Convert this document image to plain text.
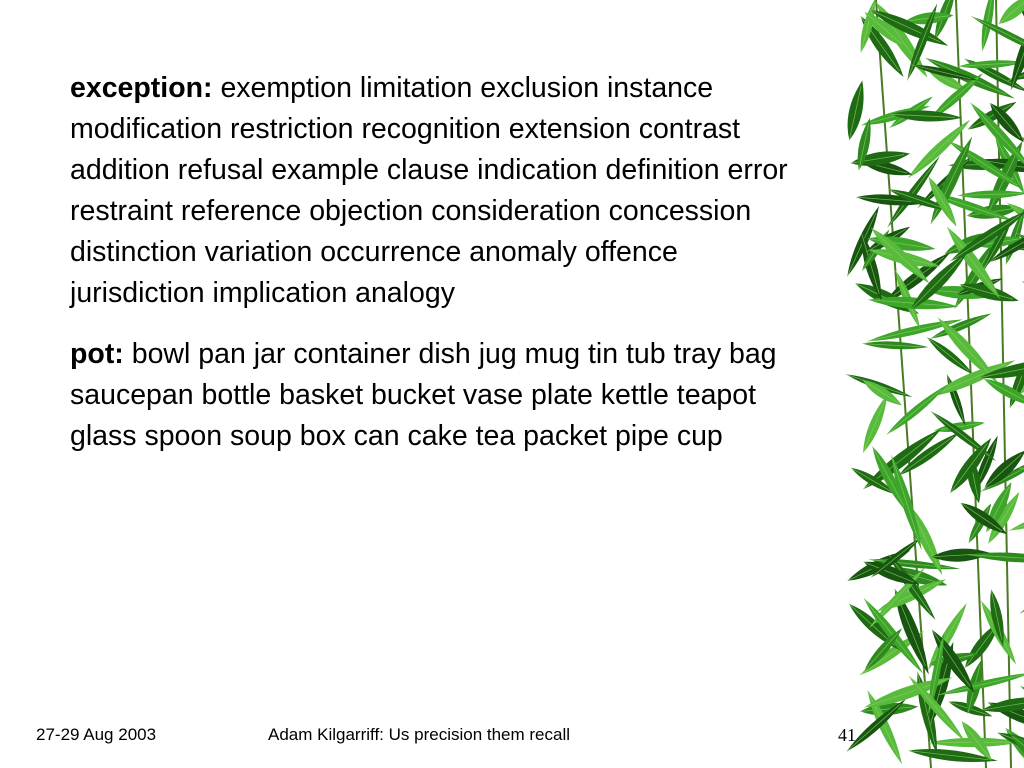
exception: exemption limitation exclusion instance modification restriction recognition extension contrast addition refusal example clause indication definition error restraint reference objection consideration concession distinction variation occurrence anomaly offence jurisdiction implication analogy

pot: bowl pan jar container dish jug mug tin tub tray bag saucepan bottle basket bucket vase plate kettle teapot glass spoon soup box can cake tea packet pipe cup

27-29 Aug 2003	Adam Kilgarriff: Us precision them recall	41
